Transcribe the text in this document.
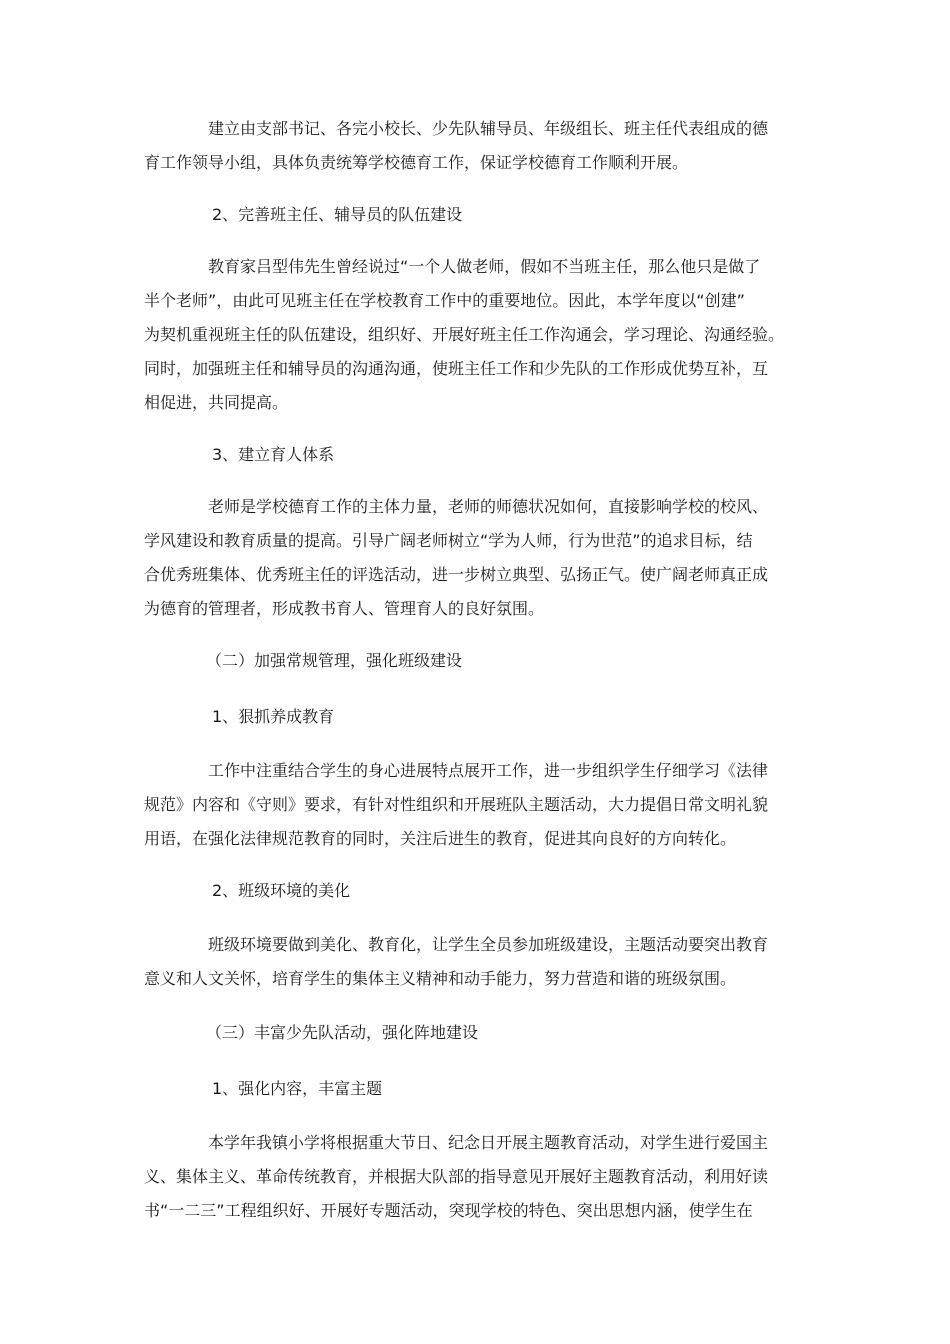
建立由支部书记、各完小校长、少先队辅导员、年级组长、班主任代表组成的德
育工作领导小组，具体负责统筹学校德育工作，保证学校德育工作顺利开展。

2、完善班主任、辅导员的队伍建设

教育家吕型伟先生曾经说过“一个人做老师，假如不当班主任，那么他只是做了
半个老师”，由此可见班主任在学校教育工作中的重要地位。因此，本学年度以“创建”
为契机重视班主任的队伍建设，组织好、开展好班主任工作沟通会，学习理论、沟通经验。
同时，加强班主任和辅导员的沟通沟通，使班主任工作和少先队的工作形成优势互补，互
相促进，共同提高。

3、建立育人体系

老师是学校德育工作的主体力量，老师的师德状况如何，直接影响学校的校风、
学风建设和教育质量的提高。引导广阔老师树立“学为人师，行为世范”的追求目标，结
合优秀班集体、优秀班主任的评选活动，进一步树立典型、弘扬正气。使广阔老师真正成
为德育的管理者，形成教书育人、管理育人的良好氛围。

（二）加强常规管理，强化班级建设

1、狠抓养成教育

工作中注重结合学生的身心进展特点展开工作，进一步组织学生仔细学习《法律
规范》内容和《守则》要求，有针对性组织和开展班队主题活动，大力提倡日常文明礼貌
用语，在强化法律规范教育的同时，关注后进生的教育，促进其向良好的方向转化。

2、班级环境的美化

班级环境要做到美化、教育化，让学生全员参加班级建设，主题活动要突出教育
意义和人文关怀，培育学生的集体主义精神和动手能力，努力营造和谐的班级氛围。

（三）丰富少先队活动，强化阵地建设

1、强化内容，丰富主题

本学年我镇小学将根据重大节日、纪念日开展主题教育活动，对学生进行爱国主
义、集体主义、革命传统教育，并根据大队部的指导意见开展好主题教育活动，利用好读
书“一二三”工程组织好、开展好专题活动，突现学校的特色、突出思想内涵，使学生在
